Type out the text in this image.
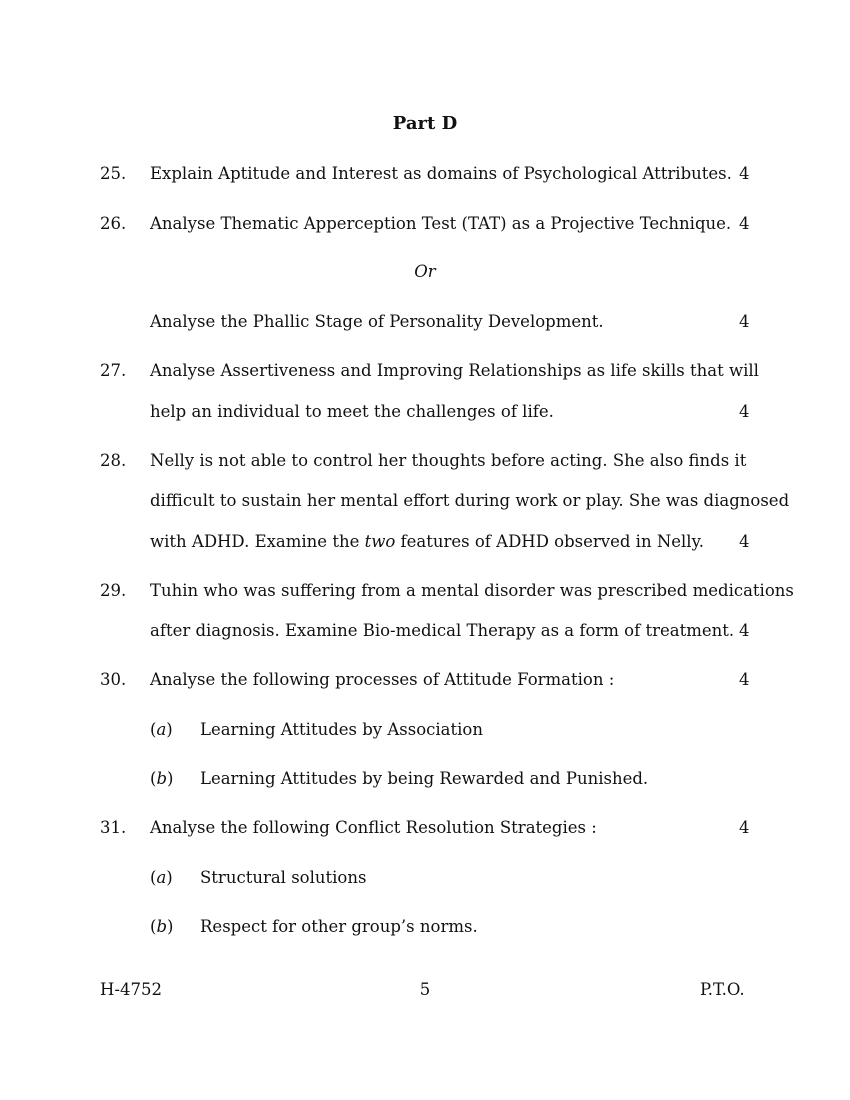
Part D
25. Explain Aptitude and Interest as domains of Psychological Attributes. 4
26. Analyse Thematic Apperception Test (TAT) as a Projective Technique. 4
Or
Analyse the Phallic Stage of Personality Development.	4
27. Analyse Assertiveness and Improving Relationships as life skills that will
help an individual to meet the challenges of life.	4
28. Nelly is not able to control her thoughts before acting. She also finds it
difficult to sustain her mental effort during work or play. She was diagnosed
with ADHD. Examine the two features of ADHD observed in Nelly.	4
29. Tuhin who was suffering from a mental disorder was prescribed medications
after diagnosis. Examine Bio-medical Therapy as a form of treatment. 4
30. Analyse the following processes of Attitude Formation :	4
(a) Learning Attitudes by Association
(b) Learning Attitudes by being Rewarded and Punished.
31. Analyse the following Conflict Resolution Strategies :	4
(a) Structural solutions
(b) Respect for other group’s norms.
H-4752	5	P.T.O.
